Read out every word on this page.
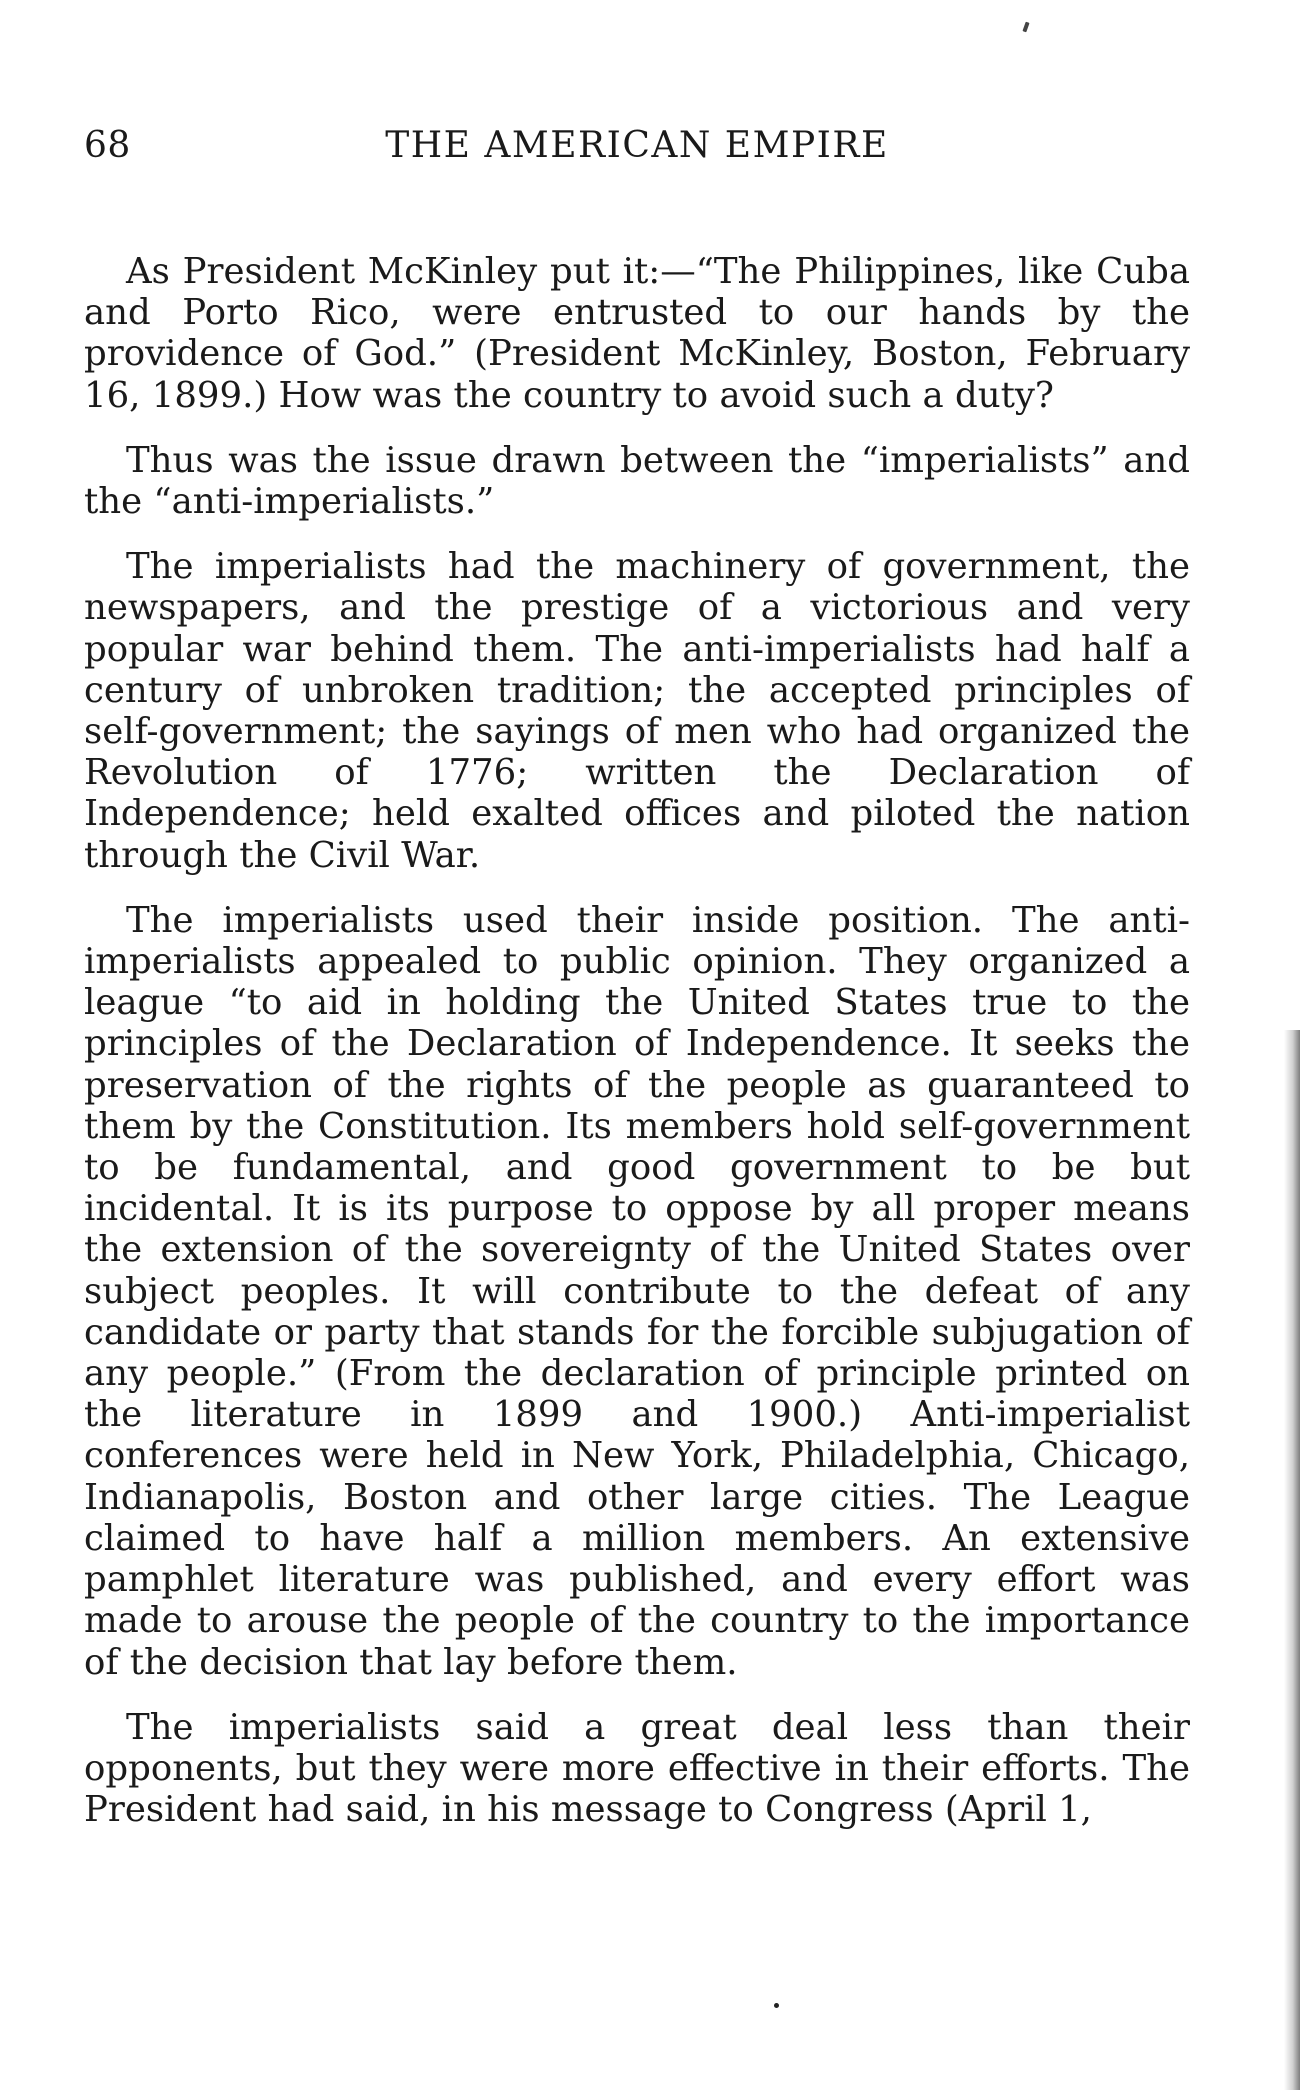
68	THE AMERICAN EMPIRE

As President McKinley put it:—“The Philippines, like Cuba and Porto Rico, were entrusted to our hands by the providence of God.” (President McKinley, Boston, February 16, 1899.) How was the country to avoid such a duty?

Thus was the issue drawn between the “imperialists” and the “anti-imperialists.”

The imperialists had the machinery of government, the newspapers, and the prestige of a victorious and very popular war behind them. The anti-imperialists had half a century of unbroken tradition; the accepted principles of self-government; the sayings of men who had organized the Revolution of 1776; written the Declaration of Independence; held exalted offices and piloted the nation through the Civil War.

The imperialists used their inside position. The anti-imperialists appealed to public opinion. They organized a league “to aid in holding the United States true to the principles of the Declaration of Independence. It seeks the preservation of the rights of the people as guaranteed to them by the Constitution. Its members hold self-government to be fundamental, and good government to be but incidental. It is its purpose to oppose by all proper means the extension of the sovereignty of the United States over subject peoples. It will contribute to the defeat of any candidate or party that stands for the forcible subjugation of any people.” (From the declaration of principle printed on the literature in 1899 and 1900.) Anti-imperialist conferences were held in New York, Philadelphia, Chicago, Indianapolis, Boston and other large cities. The League claimed to have half a million members. An extensive pamphlet literature was published, and every effort was made to arouse the people of the country to the importance of the decision that lay before them.

The imperialists said a great deal less than their opponents, but they were more effective in their efforts. The President had said, in his message to Congress (April 1,
